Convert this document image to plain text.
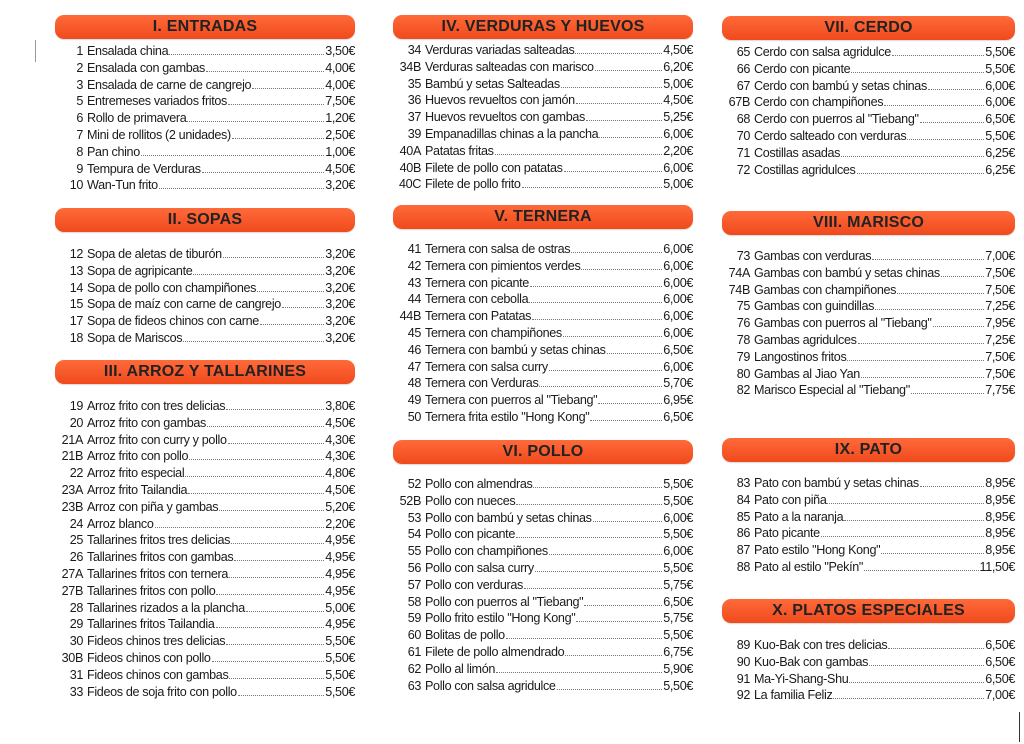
I. ENTRADAS
1 Ensalada china	3,50€
2 Ensalada con gambas	4,00€
3 Ensalada de carne de cangrejo	4,00€
5 Entremeses variados fritos	7,50€
6 Rollo de primavera	1,20€
7 Mini de rollitos (2 unidades)	2,50€
8 Pan chino	1,00€
9 Tempura de Verduras	4,50€
10 Wan-Tun frito	3,20€
II. SOPAS
12 Sopa de aletas de tiburón	3,20€
13 Sopa de agripicante	3,20€
14 Sopa de pollo con champiñones	3,20€
15 Sopa de maíz con carne de cangrejo	3,20€
17 Sopa de fideos chinos con carne	3,20€
18 Sopa de Mariscos	3,20€
III. ARROZ Y TALLARINES
19 Arroz frito con tres delicias	3,80€
20 Arroz frito con gambas	4,50€
21A Arroz frito con curry y pollo	4,30€
21B Arroz frito con pollo	4,30€
22 Arroz frito especial	4,80€
23A Arroz frito Tailandia	4,50€
23B Arroz con piña y gambas	5,20€
24 Arroz blanco	2,20€
25 Tallarines fritos tres delicias	4,95€
26 Tallarines fritos con gambas	4,95€
27A Tallarines fritos con ternera	4,95€
27B Tallarines fritos con pollo	4,95€
28 Tallarines rizados a la plancha	5,00€
29 Tallarines fritos Tailandia	4,95€
30 Fideos chinos tres delicias	5,50€
30B Fideos chinos con pollo	5,50€
31 Fideos chinos con gambas	5,50€
33 Fideos de soja frito con pollo	5,50€
IV. VERDURAS Y HUEVOS
34 Verduras variadas salteadas	4,50€
34B Verduras salteadas con marisco	6,20€
35 Bambú y setas Salteadas	5,00€
36 Huevos revueltos con jamón	4,50€
37 Huevos revueltos con gambas	5,25€
39 Empanadillas chinas a la pancha	6,00€
40A Patatas fritas	2,20€
40B Filete de pollo con patatas	6,00€
40C Filete de pollo frito	5,00€
V. TERNERA
41 Ternera con salsa de ostras	6,00€
42 Ternera con pimientos verdes	6,00€
43 Ternera con picante	6,00€
44 Ternera con cebolla	6,00€
44B Ternera con Patatas	6,00€
45 Ternera con champiñones	6,00€
46 Ternera con bambú y setas chinas	6,50€
47 Ternera con salsa curry	6,00€
48 Ternera con Verduras	5,70€
49 Ternera con puerros al "Tiebang"	6,95€
50 Ternera frita estilo "Hong Kong"	6,50€
VI. POLLO
52 Pollo con almendras	5,50€
52B Pollo con nueces	5,50€
53 Pollo con bambú y setas chinas	6,00€
54 Pollo con picante	5,50€
55 Pollo con champiñones	6,00€
56 Pollo con salsa curry	5,50€
57 Pollo con verduras	5,75€
58 Pollo con puerros al "Tiebang"	6,50€
59 Pollo frito estilo "Hong Kong"	5,75€
60 Bolitas de pollo	5,50€
61 Filete de pollo almendrado	6,75€
62 Pollo al limón	5,90€
63 Pollo con salsa agridulce	5,50€
VII. CERDO
65 Cerdo con salsa agridulce	5,50€
66 Cerdo con picante	5,50€
67 Cerdo con bambú y setas chinas	6,00€
67B Cerdo con champiñones	6,00€
68 Cerdo con puerros al "Tiebang"	6,50€
70 Cerdo salteado con verduras	5,50€
71 Costillas asadas	6,25€
72 Costillas agridulces	6,25€
VIII. MARISCO
73 Gambas con verduras	7,00€
74A Gambas con bambú y setas chinas	7,50€
74B Gambas con champiñones	7,50€
75 Gambas con guindillas	7,25€
76 Gambas con puerros al "Tiebang"	7,95€
78 Gambas agridulces	7,25€
79 Langostinos fritos	7,50€
80 Gambas al Jiao Yan	7,50€
82 Marisco Especial al "Tiebang"	7,75€
IX. PATO
83 Pato con bambú y setas chinas	8,95€
84 Pato con piña	8,95€
85 Pato a la naranja	8,95€
86 Pato picante	8,95€
87 Pato estilo "Hong Kong"	8,95€
88 Pato al estilo "Pekín"	11,50€
X. PLATOS ESPECIALES
89 Kuo-Bak con tres delicias	6,50€
90 Kuo-Bak con gambas	6,50€
91 Ma-Yi-Shang-Shu	6,50€
92 La familia Feliz	7,00€
